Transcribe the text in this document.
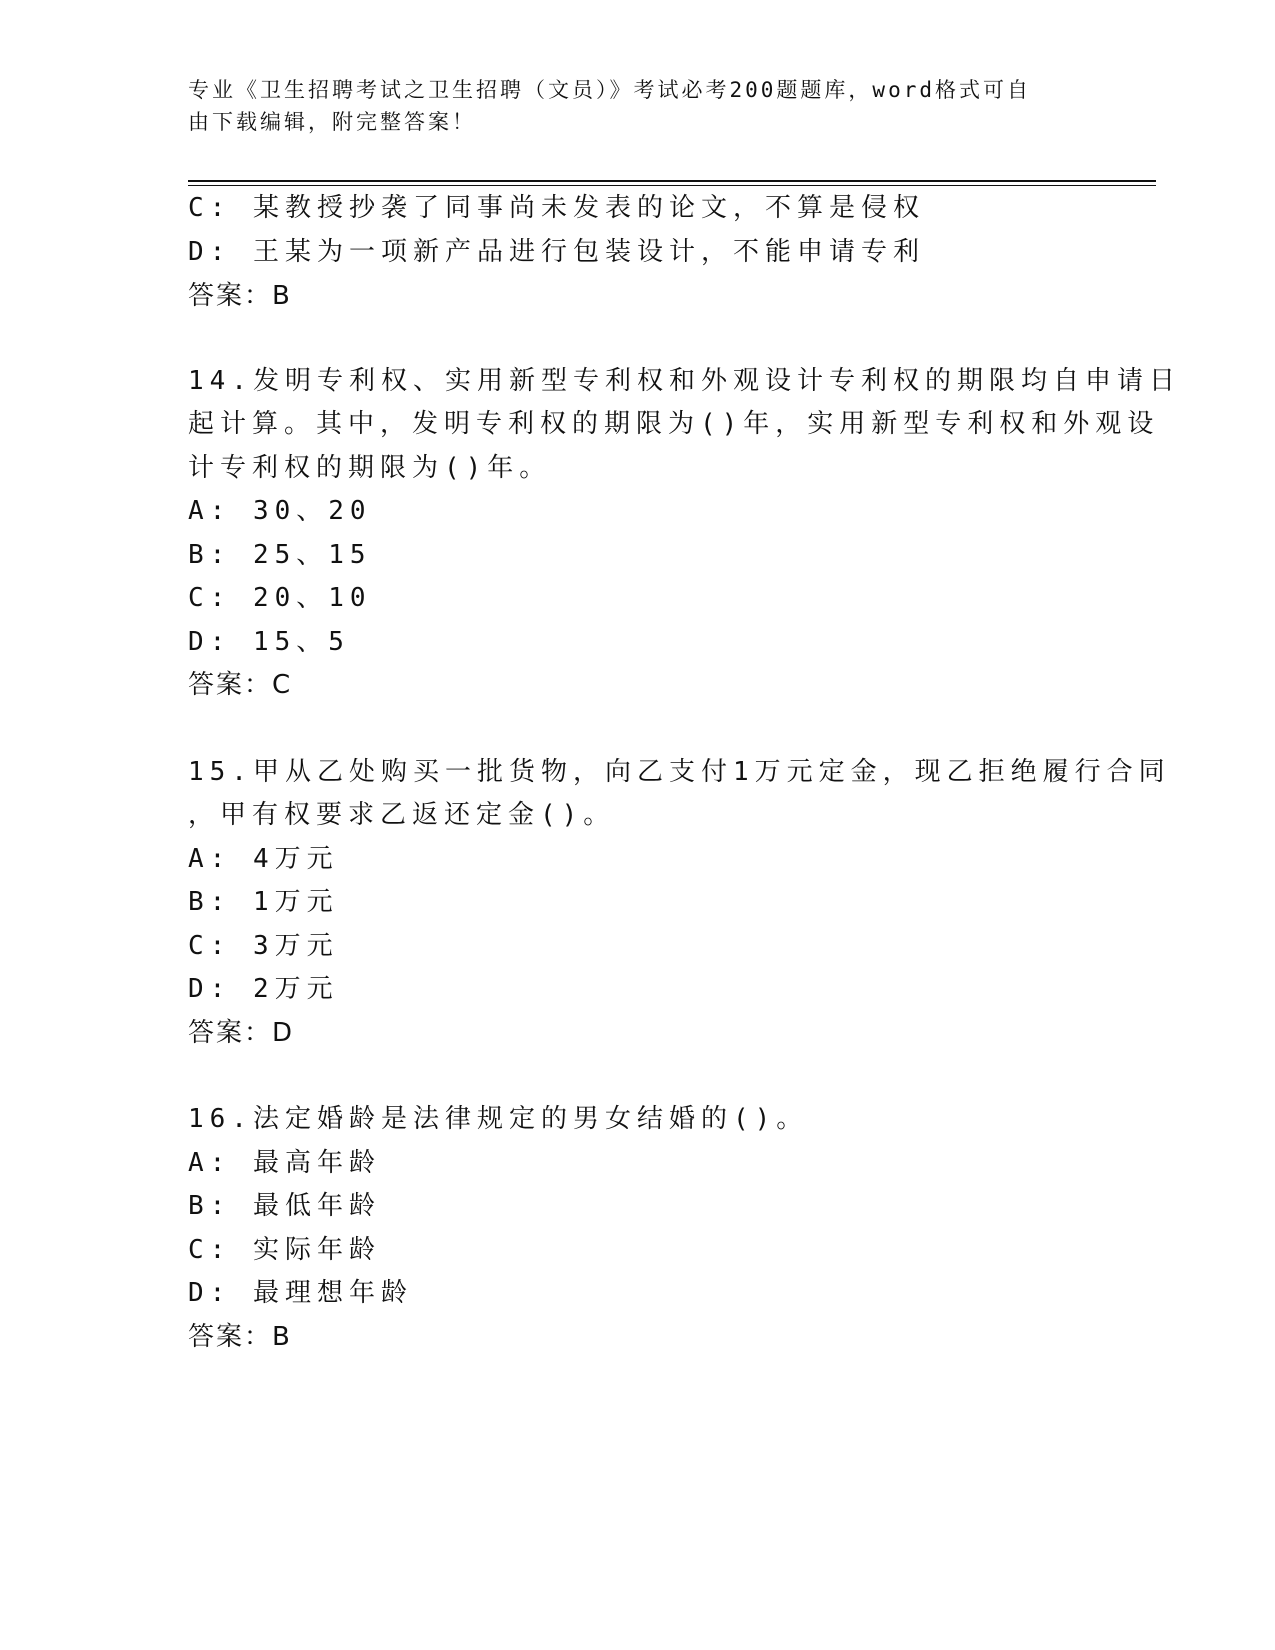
专业《卫生招聘考试之卫生招聘（文员）》考试必考200题题库，word格式可自
由下载编辑，附完整答案！
C: 某教授抄袭了同事尚未发表的论文，不算是侵权
D: 王某为一项新产品进行包装设计，不能申请专利
答案：B
14.发明专利权、实用新型专利权和外观设计专利权的期限均自申请日
起计算。其中，发明专利权的期限为()年，实用新型专利权和外观设
计专利权的期限为()年。
A: 30、20
B: 25、15
C: 20、10
D: 15、5
答案：C
15.甲从乙处购买一批货物，向乙支付1万元定金，现乙拒绝履行合同
，甲有权要求乙返还定金()。
A: 4万元
B: 1万元
C: 3万元
D: 2万元
答案：D
16.法定婚龄是法律规定的男女结婚的()。
A: 最高年龄
B: 最低年龄
C: 实际年龄
D: 最理想年龄
答案：B
